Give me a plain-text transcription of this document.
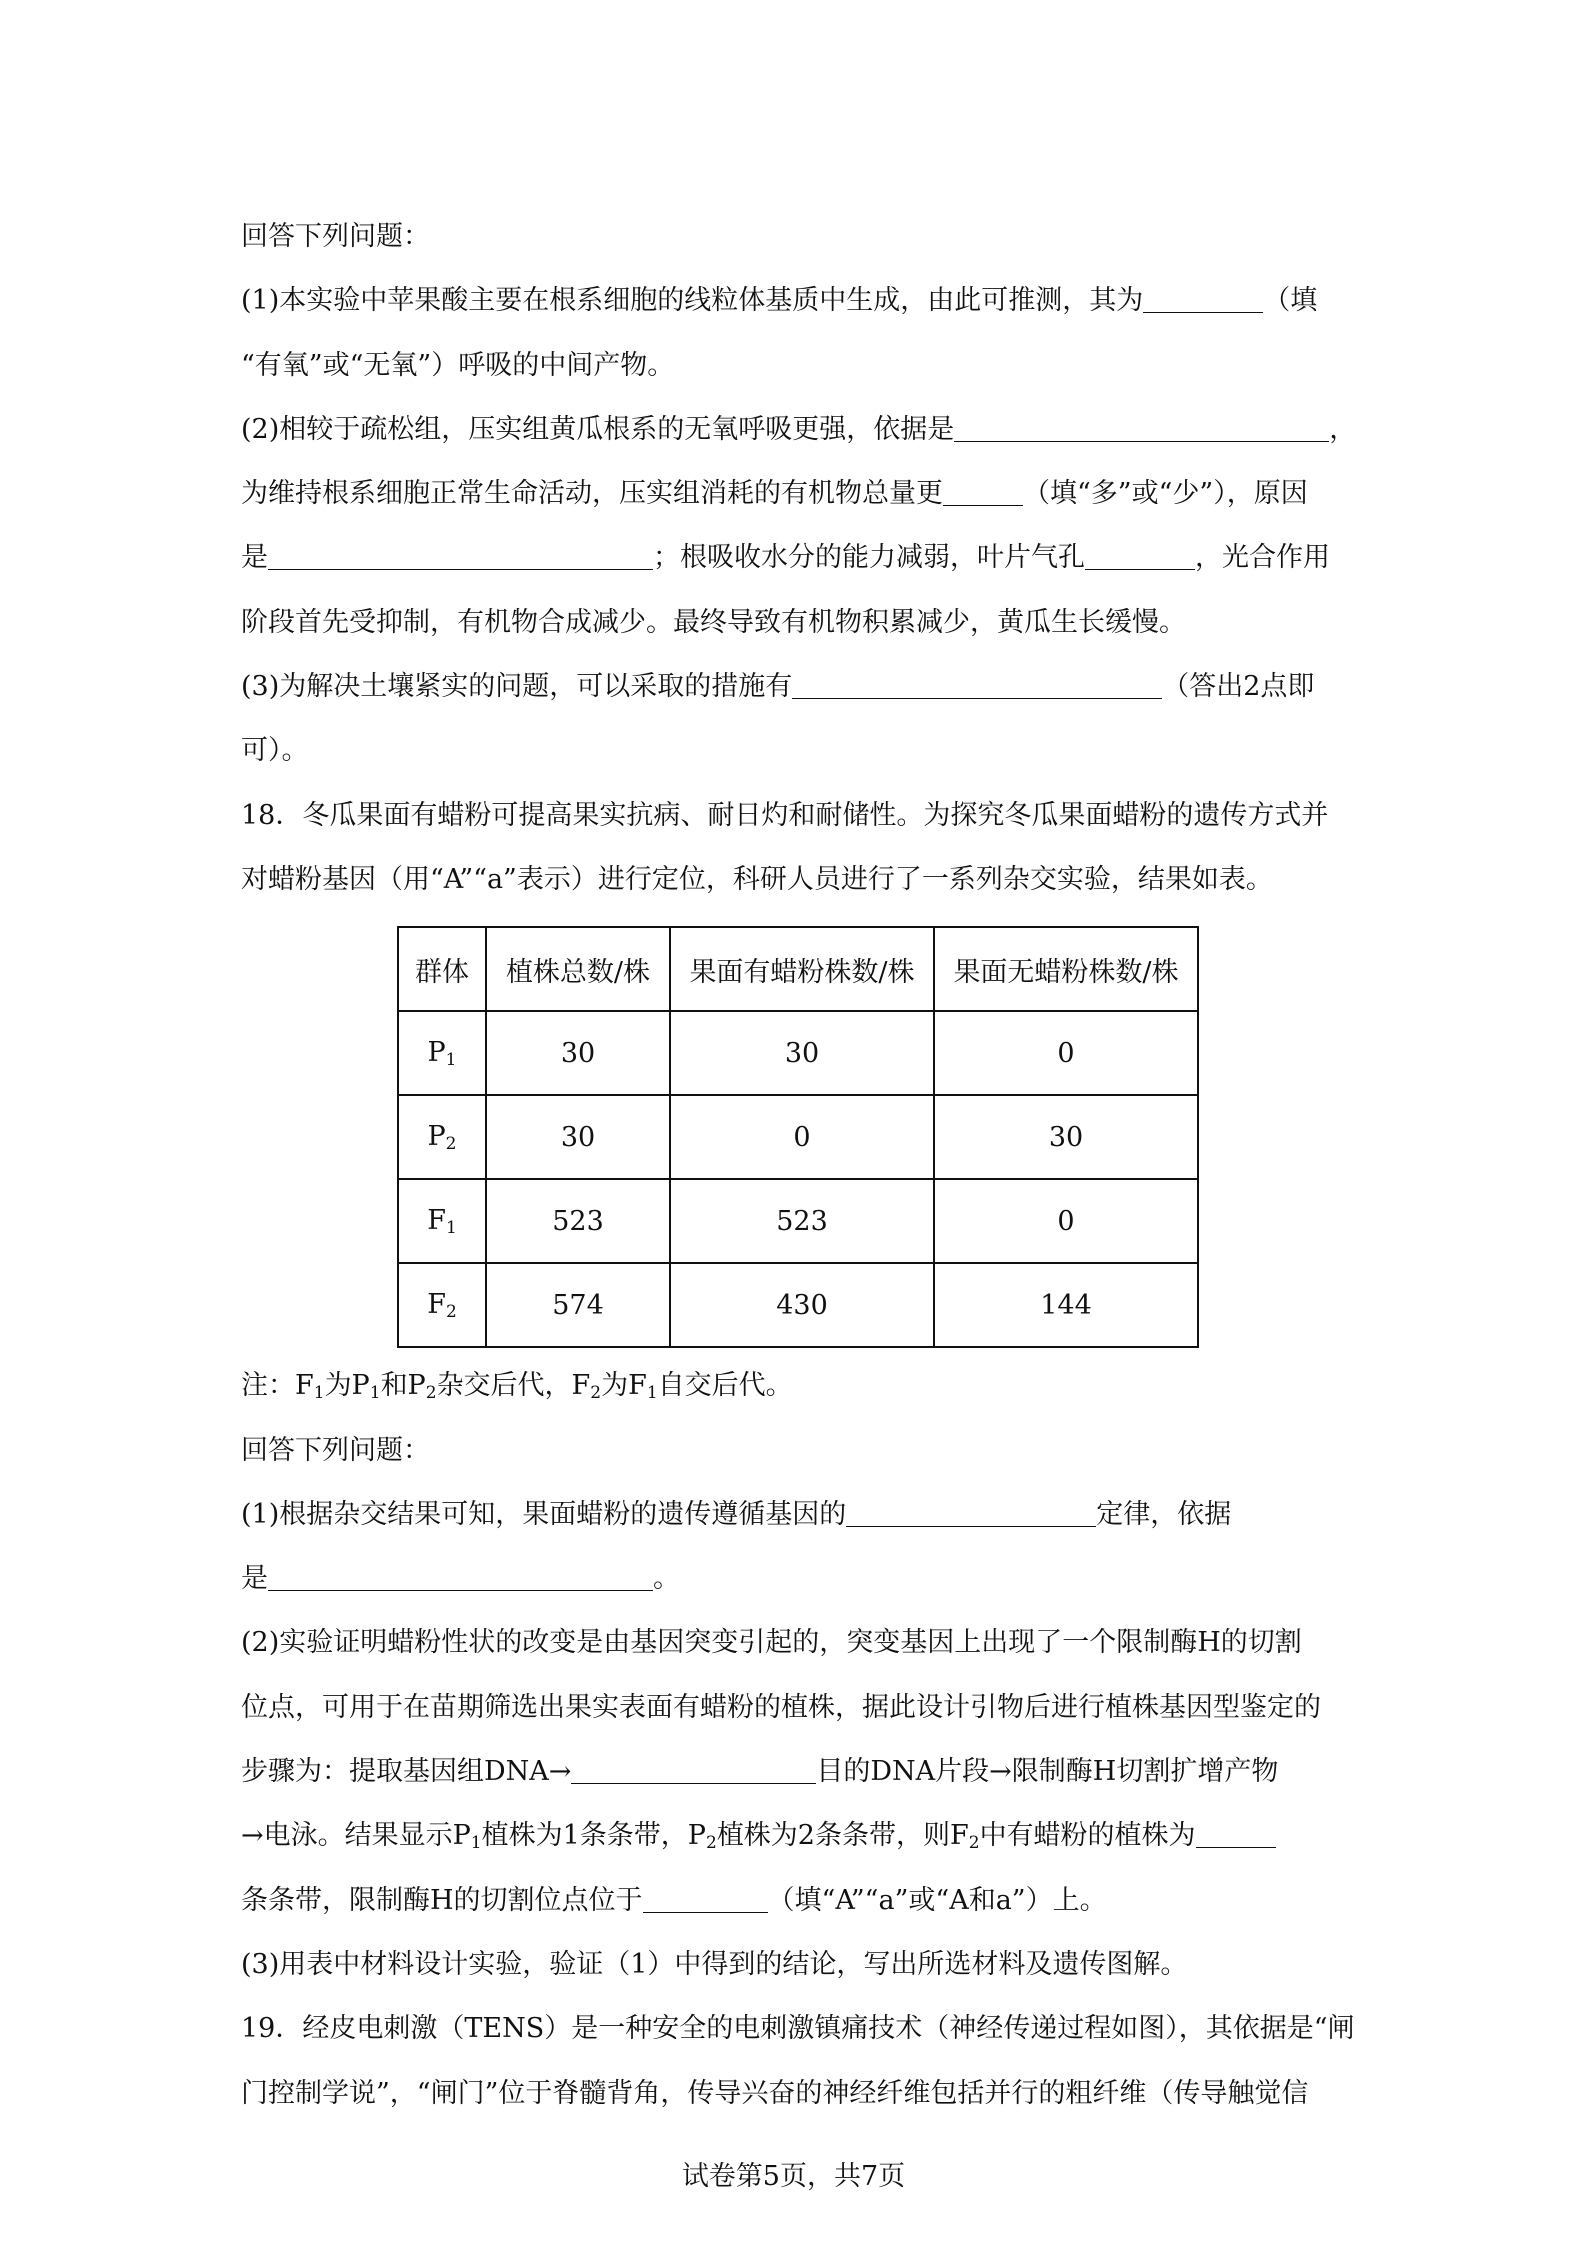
回答下列问题：
(1)本实验中苹果酸主要在根系细胞的线粒体基质中生成，由此可推测，其为	（填
“有氧”或“无氧”）呼吸的中间产物。
(2)相较于疏松组，压实组黄瓜根系的无氧呼吸更强，依据是	，
为维持根系细胞正常生命活动，压实组消耗的有机物总量更	（填“多”或“少”），原因
是	；根吸收水分的能力减弱，叶片气孔	，光合作用
阶段首先受抑制，有机物合成减少。最终导致有机物积累减少，黄瓜生长缓慢。
(3)为解决土壤紧实的问题，可以采取的措施有	（答出2点即
可）。
18．冬瓜果面有蜡粉可提高果实抗病、耐日灼和耐储性。为探究冬瓜果面蜡粉的遗传方式并
对蜡粉基因（用“A”“a”表示）进行定位，科研人员进行了一系列杂交实验，结果如表。
群体	植株总数/株	果面有蜡粉株数/株	果面无蜡粉株数/株
$P_1$	30	30	0
$P_2$	30	0	30
$F_1$	523	523	0
$F_2$	574	430	144
注：$F_1$为$P_1$和$P_2$杂交后代，$F_2$为$F_1$自交后代。
回答下列问题：
(1)根据杂交结果可知，果面蜡粉的遗传遵循基因的	定律，依据
是	。
(2)实验证明蜡粉性状的改变是由基因突变引起的，突变基因上出现了一个限制酶H的切割
位点，可用于在苗期筛选出果实表面有蜡粉的植株，据此设计引物后进行植株基因型鉴定的
步骤为：提取基因组DNA→	目的DNA片段→限制酶H切割扩增产物
→电泳。结果显示$P_1$植株为1条条带，$P_2$植株为2条条带，则$F_2$中有蜡粉的植株为
条条带，限制酶H的切割位点位于	（填“A”“a”或“A和a”）上。
(3)用表中材料设计实验，验证（1）中得到的结论，写出所选材料及遗传图解。
19．经皮电刺激（TENS）是一种安全的电刺激镇痛技术（神经传递过程如图），其依据是“闸
门控制学说”，“闸门”位于脊髓背角，传导兴奋的神经纤维包括并行的粗纤维（传导触觉信
试卷第5页，共7页
